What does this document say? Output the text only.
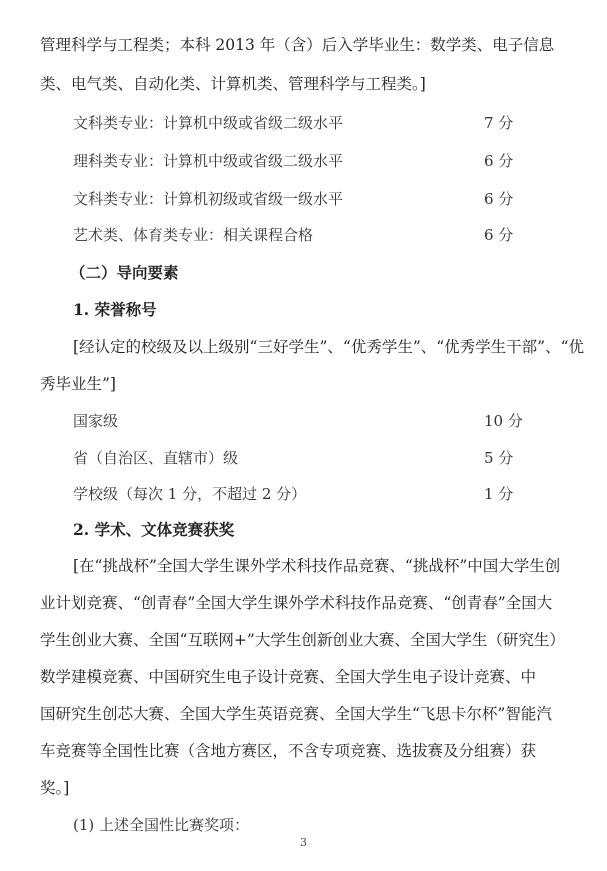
管理科学与工程类；本科 2013 年（含）后入学毕业生：数学类、电子信息
类、电气类、自动化类、计算机类、管理科学与工程类。]
文科类专业：计算机中级或省级二级水平	7 分
理科类专业：计算机中级或省级二级水平	6 分
文科类专业：计算机初级或省级一级水平	6 分
艺术类、体育类专业：相关课程合格	6 分
（二）导向要素
1. 荣誉称号
[经认定的校级及以上级别“三好学生”、“优秀学生”、“优秀学生干部”、“优
秀毕业生”]
国家级	10 分
省（自治区、直辖市）级	5 分
学校级（每次 1 分，不超过 2 分）	1 分
2. 学术、文体竞赛获奖
[在“挑战杯”全国大学生课外学术科技作品竞赛、“挑战杯”中国大学生创
业计划竞赛、“创青春”全国大学生课外学术科技作品竞赛、“创青春”全国大
学生创业大赛、全国“互联网+”大学生创新创业大赛、全国大学生（研究生）
数学建模竞赛、中国研究生电子设计竞赛、全国大学生电子设计竞赛、中
国研究生创芯大赛、全国大学生英语竞赛、全国大学生“飞思卡尔杯”智能汽
车竞赛等全国性比赛（含地方赛区，不含专项竞赛、选拔赛及分组赛）获
奖。]
(1) 上述全国性比赛奖项：
3
